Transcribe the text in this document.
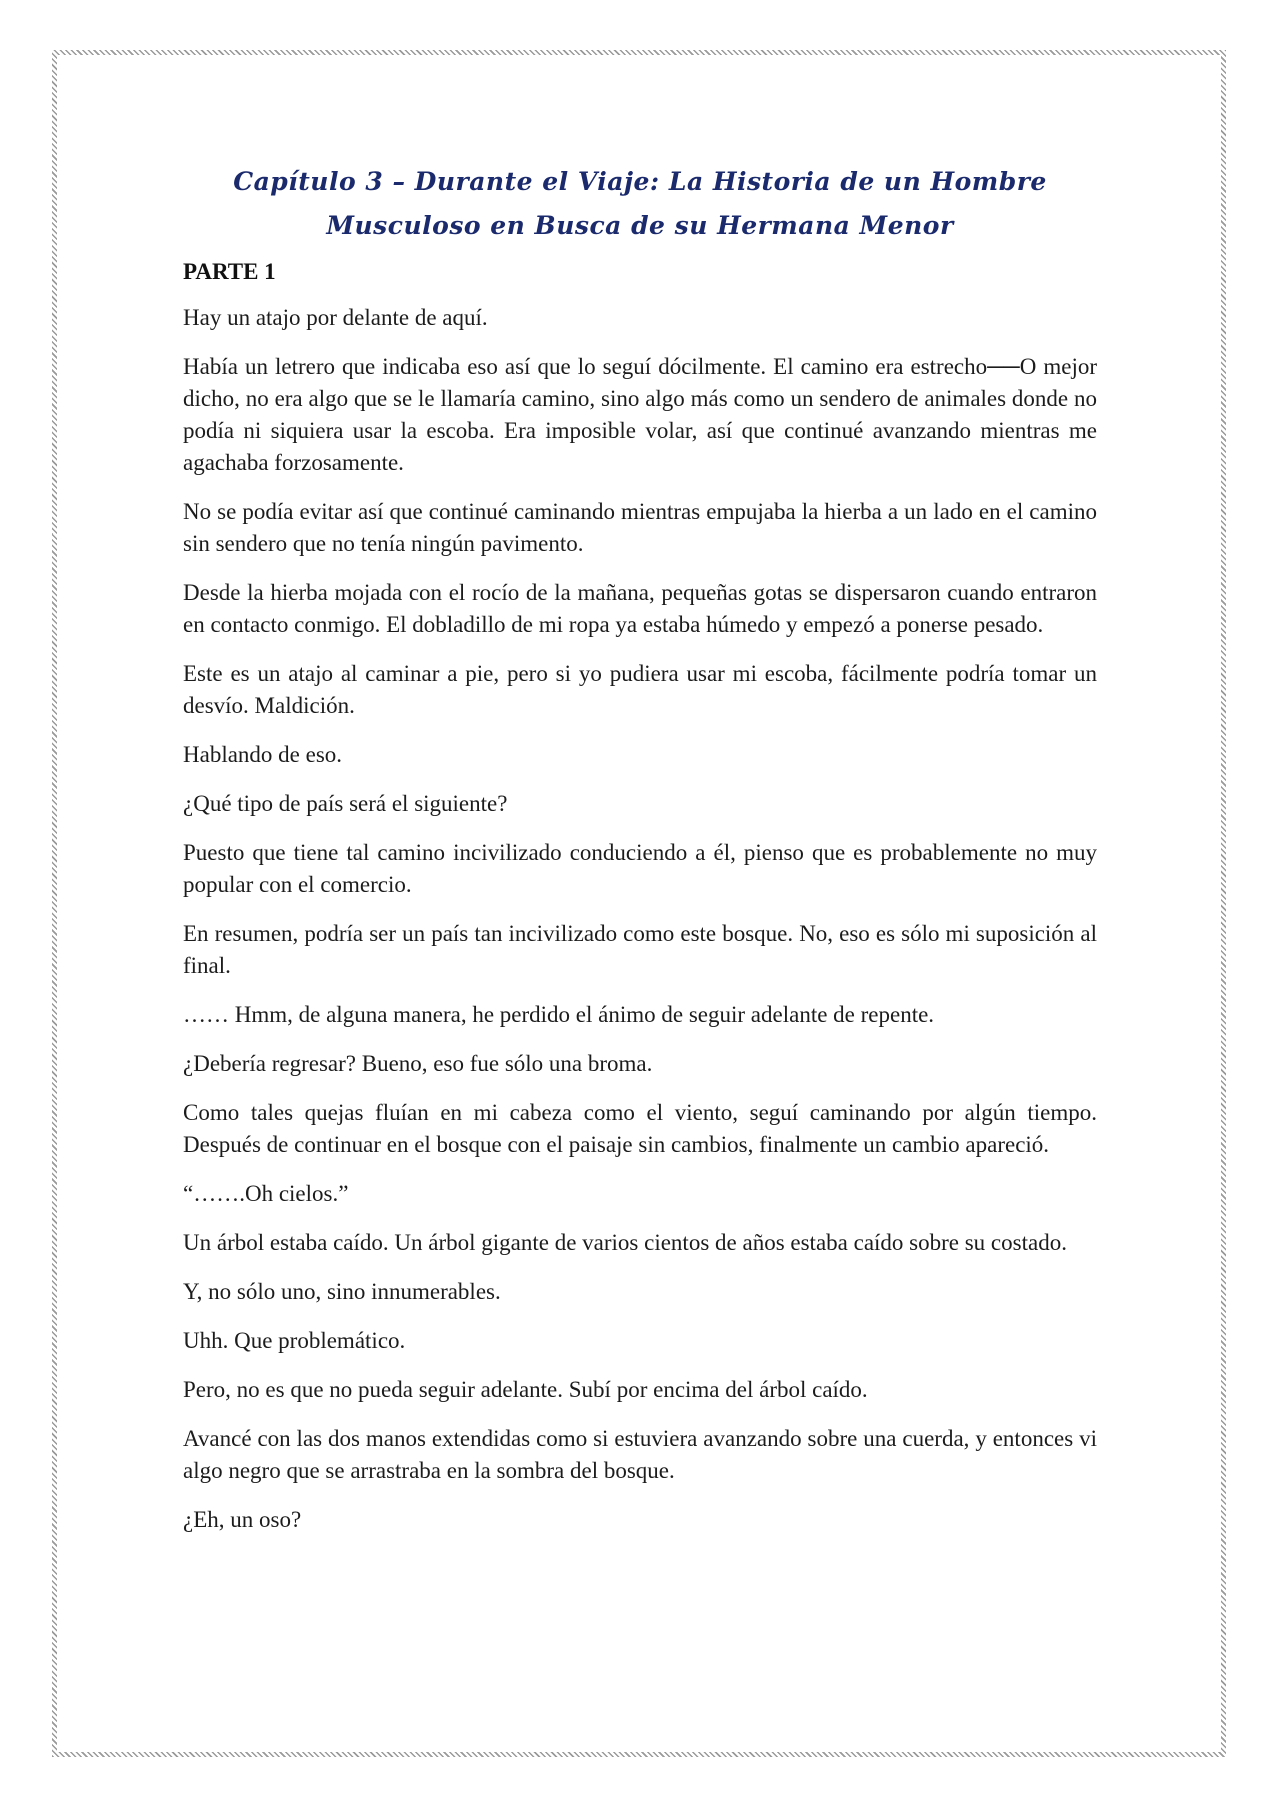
Capítulo 3 – Durante el Viaje: La Historia de un Hombre
Musculoso en Busca de su Hermana Menor
PARTE 1

Hay un atajo por delante de aquí.

Había un letrero que indicaba eso así que lo seguí dócilmente. El camino era estrecho──O mejor dicho, no era algo que se le llamaría camino, sino algo más como un sendero de animales donde no podía ni siquiera usar la escoba. Era imposible volar, así que continué avanzando mientras me agachaba forzosamente.

No se podía evitar así que continué caminando mientras empujaba la hierba a un lado en el camino sin sendero que no tenía ningún pavimento.

Desde la hierba mojada con el rocío de la mañana, pequeñas gotas se dispersaron cuando entraron en contacto conmigo. El dobladillo de mi ropa ya estaba húmedo y empezó a ponerse pesado.

Este es un atajo al caminar a pie, pero si yo pudiera usar mi escoba, fácilmente podría tomar un desvío. Maldición.

Hablando de eso.

¿Qué tipo de país será el siguiente?

Puesto que tiene tal camino incivilizado conduciendo a él, pienso que es probablemente no muy popular con el comercio.

En resumen, podría ser un país tan incivilizado como este bosque. No, eso es sólo mi suposición al final.

…… Hmm, de alguna manera, he perdido el ánimo de seguir adelante de repente.

¿Debería regresar? Bueno, eso fue sólo una broma.

Como tales quejas fluían en mi cabeza como el viento, seguí caminando por algún tiempo. Después de continuar en el bosque con el paisaje sin cambios, finalmente un cambio apareció.

“…….Oh cielos.”

Un árbol estaba caído. Un árbol gigante de varios cientos de años estaba caído sobre su costado.

Y, no sólo uno, sino innumerables.

Uhh. Que problemático.

Pero, no es que no pueda seguir adelante. Subí por encima del árbol caído.

Avancé con las dos manos extendidas como si estuviera avanzando sobre una cuerda, y entonces vi algo negro que se arrastraba en la sombra del bosque.

¿Eh, un oso?
